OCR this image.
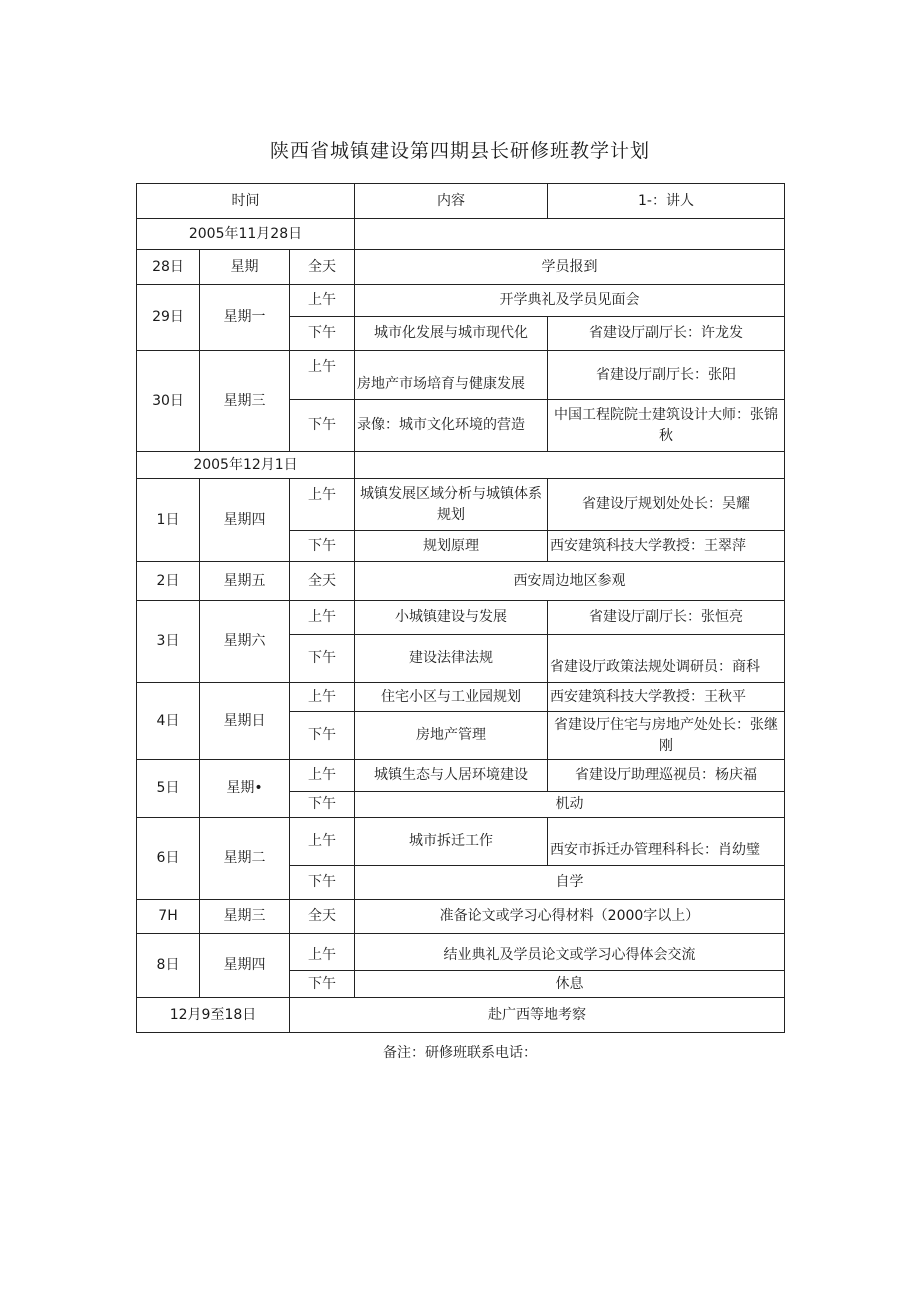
陕西省城镇建设第四期县长研修班教学计划
时间			内容	1-：讲人
2005年11月28日				
28日	星期	全天	学员报到	
29日	星期一	上午	开学典礼及学员见面会	
		下午	城市化发展与城市现代化	省建设厅副厅长：许龙发
30日	星期三	上午	房地产市场培育与健康发展	省建设厅副厅长：张阳
		下午	录像：城市文化环境的营造	中国工程院院士建筑设计大师：张锦秋
2005年12月1日				
1日	星期四	上午	城镇发展区域分析与城镇体系规划	省建设厅规划处处长：吴耀
		下午	规划原理	西安建筑科技大学教授：王翠萍
2日	星期五	全天	西安周边地区参观	
3日	星期六	上午	小城镇建设与发展	省建设厅副厅长：张恒亮
		下午	建设法律法规	省建设厅政策法规处调研员：商科
4日	星期日	上午	住宅小区与工业园规划	西安建筑科技大学教授：王秋平
		下午	房地产管理	省建设厅住宅与房地产处处长：张继刚
5日	星期•	上午	城镇生态与人居环境建设	省建设厅助理巡视员：杨庆福
		下午	机动	
6日	星期二	上午	城市拆迁工作	西安市拆迁办管理科科长：肖幼璧
		下午	自学	
7H	星期三	全天	准备论文或学习心得材料（2000字以上）	
8日	星期四	上午	结业典礼及学员论文或学习心得体会交流	
		下午	休息	
12月9至18日		赴广西等地考察		
备注：研修班联系电话：
